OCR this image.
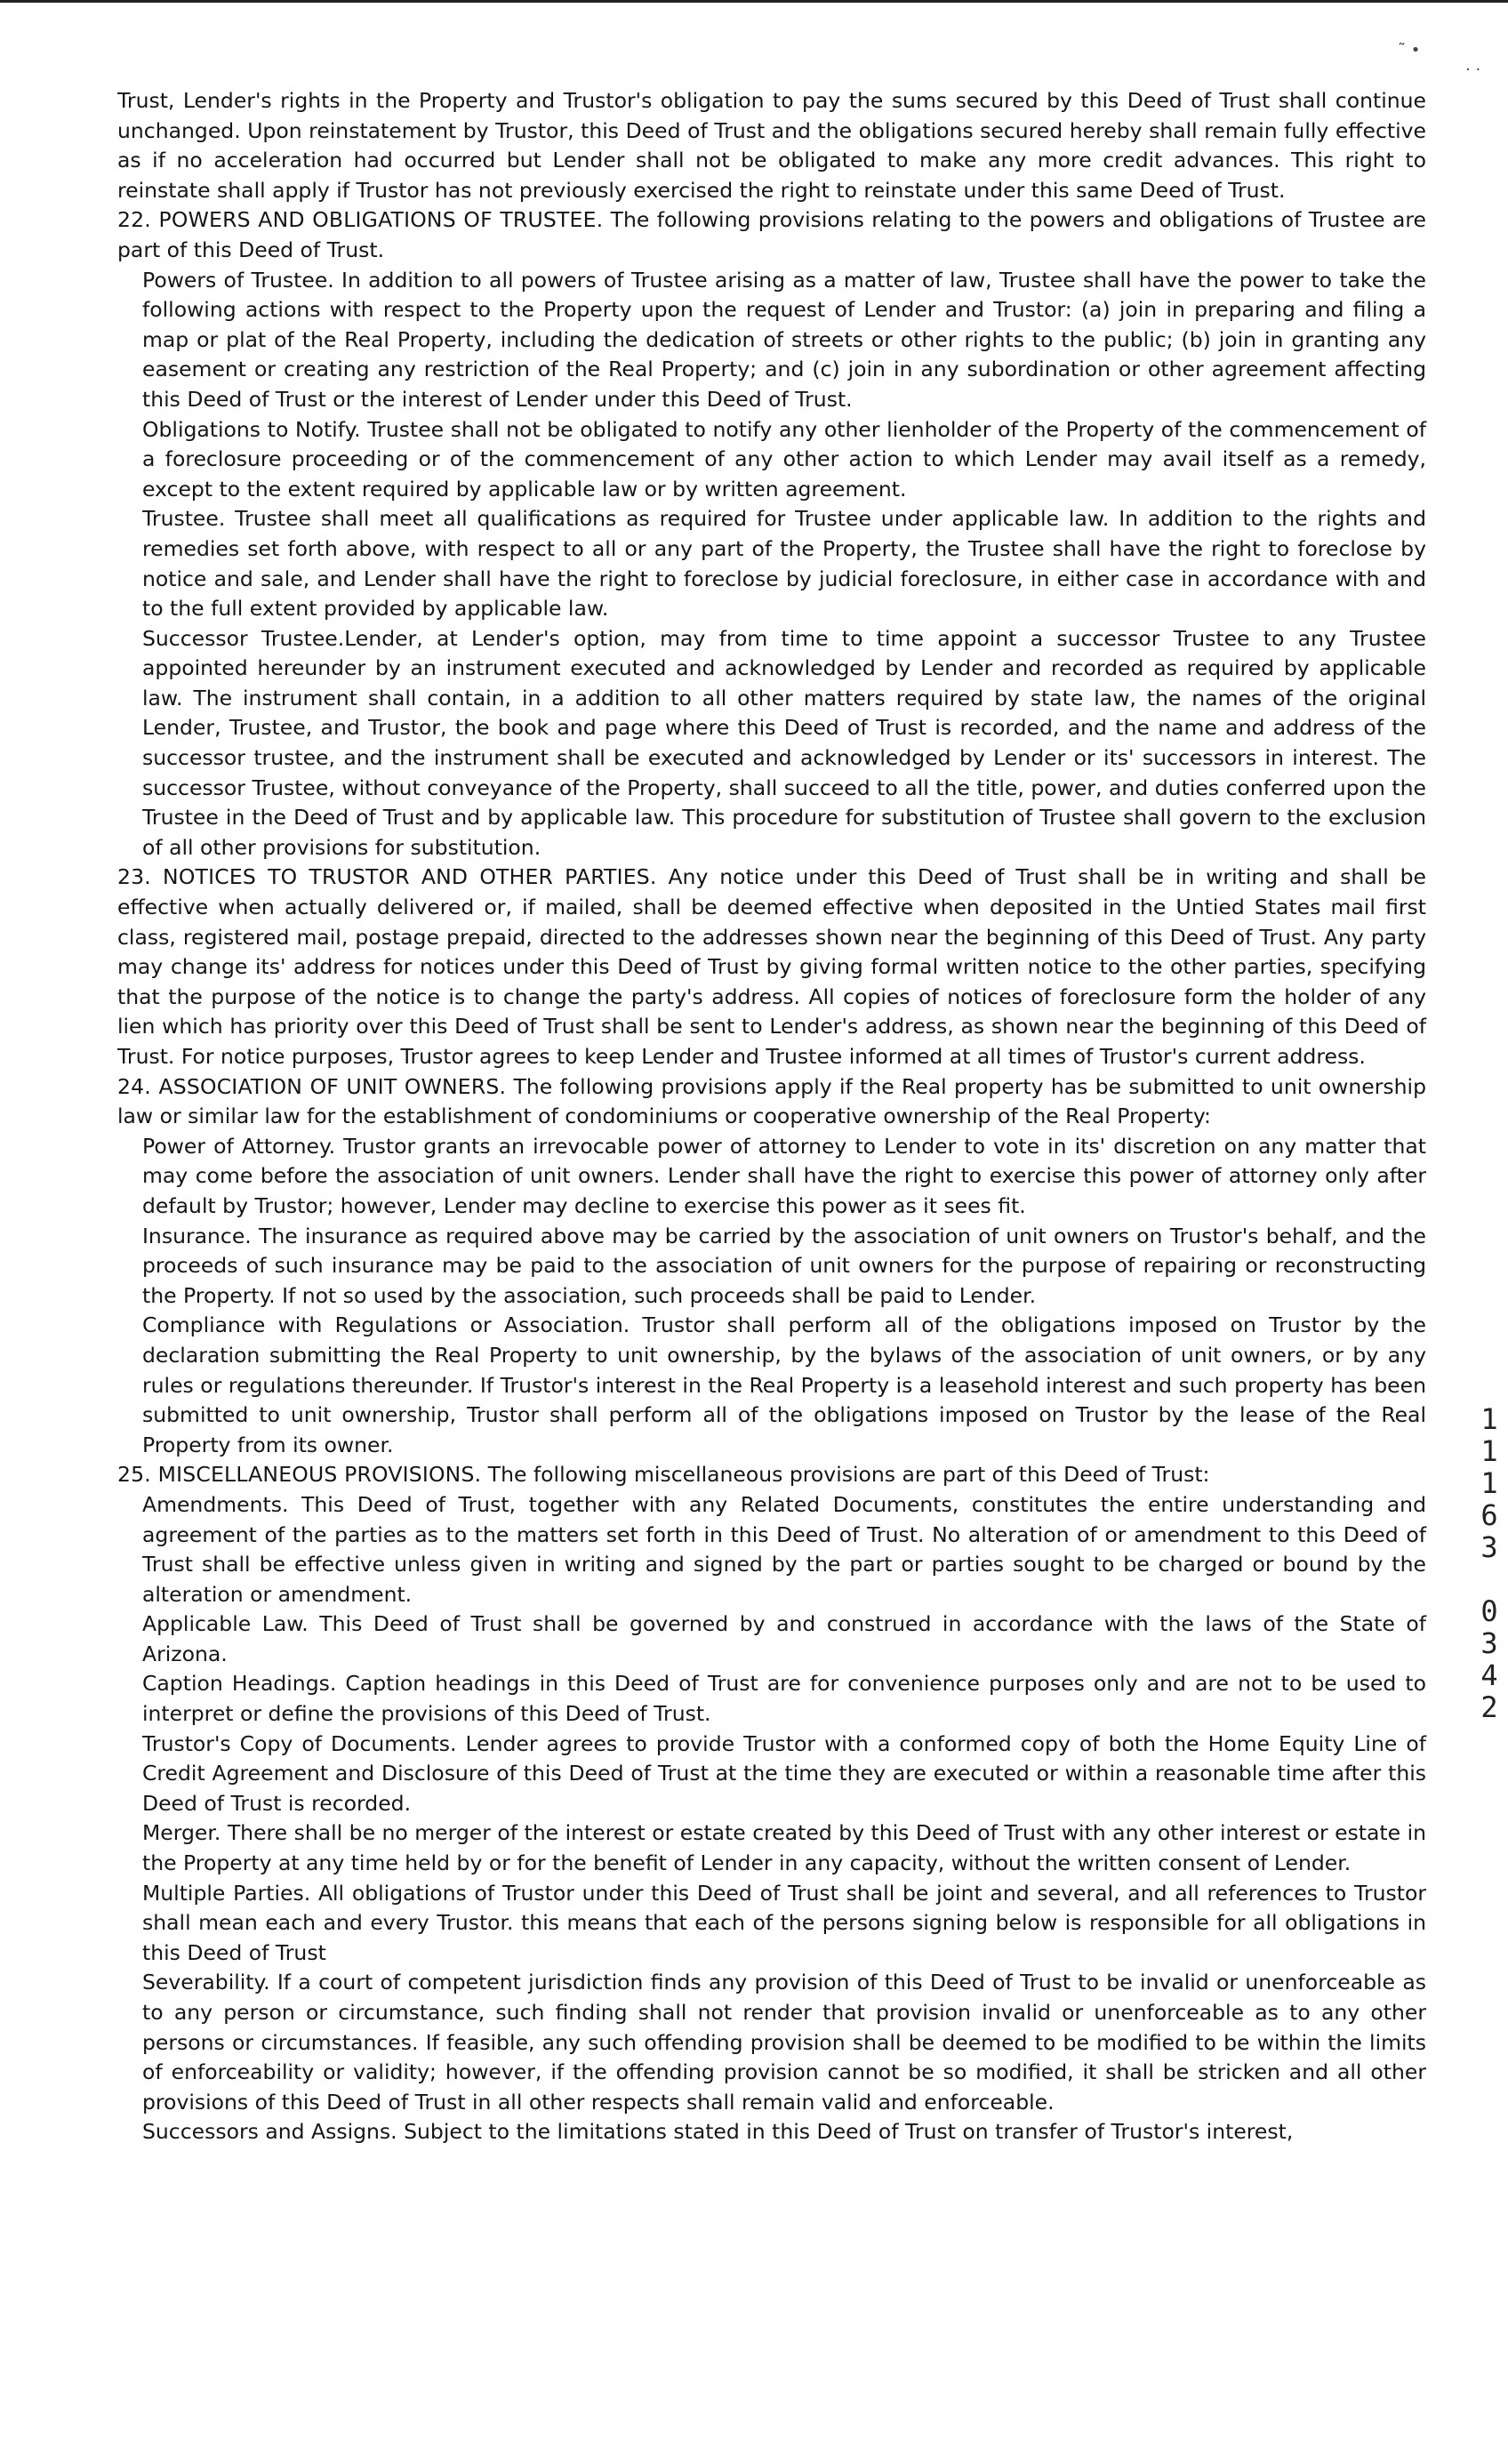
˜ •
· ·

Trust, Lender's rights in the Property and Trustor's obligation to pay the sums secured by this Deed of Trust shall continue unchanged. Upon reinstatement by Trustor, this Deed of Trust and the obligations secured hereby shall remain fully effective as if no acceleration had occurred but Lender shall not be obligated to make any more credit advances. This right to reinstate shall apply if Trustor has not previously exercised the right to reinstate under this same Deed of Trust.

22. POWERS AND OBLIGATIONS OF TRUSTEE. The following provisions relating to the powers and obligations of Trustee are part of this Deed of Trust.

Powers of Trustee. In addition to all powers of Trustee arising as a matter of law, Trustee shall have the power to take the following actions with respect to the Property upon the request of Lender and Trustor: (a) join in preparing and filing a map or plat of the Real Property, including the dedication of streets or other rights to the public; (b) join in granting any easement or creating any restriction of the Real Property; and (c) join in any subordination or other agreement affecting this Deed of Trust or the interest of Lender under this Deed of Trust.

Obligations to Notify. Trustee shall not be obligated to notify any other lienholder of the Property of the commencement of a foreclosure proceeding or of the commencement of any other action to which Lender may avail itself as a remedy, except to the extent required by applicable law or by written agreement.

Trustee. Trustee shall meet all qualifications as required for Trustee under applicable law. In addition to the rights and remedies set forth above, with respect to all or any part of the Property, the Trustee shall have the right to foreclose by notice and sale, and Lender shall have the right to foreclose by judicial foreclosure, in either case in accordance with and to the full extent provided by applicable law.

Successor Trustee.Lender, at Lender's option, may from time to time appoint a successor Trustee to any Trustee appointed hereunder by an instrument executed and acknowledged by Lender and recorded as required by applicable law. The instrument shall contain, in a addition to all other matters required by state law, the names of the original Lender, Trustee, and Trustor, the book and page where this Deed of Trust is recorded, and the name and address of the successor trustee, and the instrument shall be executed and acknowledged by Lender or its' successors in interest. The successor Trustee, without conveyance of the Property, shall succeed to all the title, power, and duties conferred upon the Trustee in the Deed of Trust and by applicable law. This procedure for substitution of Trustee shall govern to the exclusion of all other provisions for substitution.

23. NOTICES TO TRUSTOR AND OTHER PARTIES. Any notice under this Deed of Trust shall be in writing and shall be effective when actually delivered or, if mailed, shall be deemed effective when deposited in the Untied States mail first class, registered mail, postage prepaid, directed to the addresses shown near the beginning of this Deed of Trust. Any party may change its' address for notices under this Deed of Trust by giving formal written notice to the other parties, specifying that the purpose of the notice is to change the party's address. All copies of notices of foreclosure form the holder of any lien which has priority over this Deed of Trust shall be sent to Lender's address, as shown near the beginning of this Deed of Trust. For notice purposes, Trustor agrees to keep Lender and Trustee informed at all times of Trustor's current address.

24. ASSOCIATION OF UNIT OWNERS. The following provisions apply if the Real property has be submitted to unit ownership law or similar law for the establishment of condominiums or cooperative ownership of the Real Property:

Power of Attorney. Trustor grants an irrevocable power of attorney to Lender to vote in its' discretion on any matter that may come before the association of unit owners. Lender shall have the right to exercise this power of attorney only after default by Trustor; however, Lender may decline to exercise this power as it sees fit.

Insurance. The insurance as required above may be carried by the association of unit owners on Trustor's behalf, and the proceeds of such insurance may be paid to the association of unit owners for the purpose of repairing or reconstructing the Property. If not so used by the association, such proceeds shall be paid to Lender.

Compliance with Regulations or Association. Trustor shall perform all of the obligations imposed on Trustor by the declaration submitting the Real Property to unit ownership, by the bylaws of the association of unit owners, or by any rules or regulations thereunder. If Trustor's interest in the Real Property is a leasehold interest and such property has been submitted to unit ownership, Trustor shall perform all of the obligations imposed on Trustor by the lease of the Real Property from its owner.

25. MISCELLANEOUS PROVISIONS. The following miscellaneous provisions are part of this Deed of Trust:

Amendments. This Deed of Trust, together with any Related Documents, constitutes the entire understanding and agreement of the parties as to the matters set forth in this Deed of Trust. No alteration of or amendment to this Deed of Trust shall be effective unless given in writing and signed by the part or parties sought to be charged or bound by the alteration or amendment.

Applicable Law. This Deed of Trust shall be governed by and construed in accordance with the laws of the State of Arizona.

Caption Headings. Caption headings in this Deed of Trust are for convenience purposes only and are not to be used to interpret or define the provisions of this Deed of Trust.

Trustor's Copy of Documents. Lender agrees to provide Trustor with a conformed copy of both the Home Equity Line of Credit Agreement and Disclosure of this Deed of Trust at the time they are executed or within a reasonable time after this Deed of Trust is recorded.

Merger. There shall be no merger of the interest or estate created by this Deed of Trust with any other interest or estate in the Property at any time held by or for the benefit of Lender in any capacity, without the written consent of Lender.

Multiple Parties. All obligations of Trustor under this Deed of Trust shall be joint and several, and all references to Trustor shall mean each and every Trustor. this means that each of the persons signing below is responsible for all obligations in this Deed of Trust

Severability. If a court of competent jurisdiction finds any provision of this Deed of Trust to be invalid or unenforceable as to any person or circumstance, such finding shall not render that provision invalid or unenforceable as to any other persons or circumstances. If feasible, any such offending provision shall be deemed to be modified to be within the limits of enforceability or validity; however, if the offending provision cannot be so modified, it shall be stricken and all other provisions of this Deed of Trust in all other respects shall remain valid and enforceable.

Successors and Assigns. Subject to the limitations stated in this Deed of Trust on transfer of Trustor's interest,

1
1
1
6
3
0
3
4
2
